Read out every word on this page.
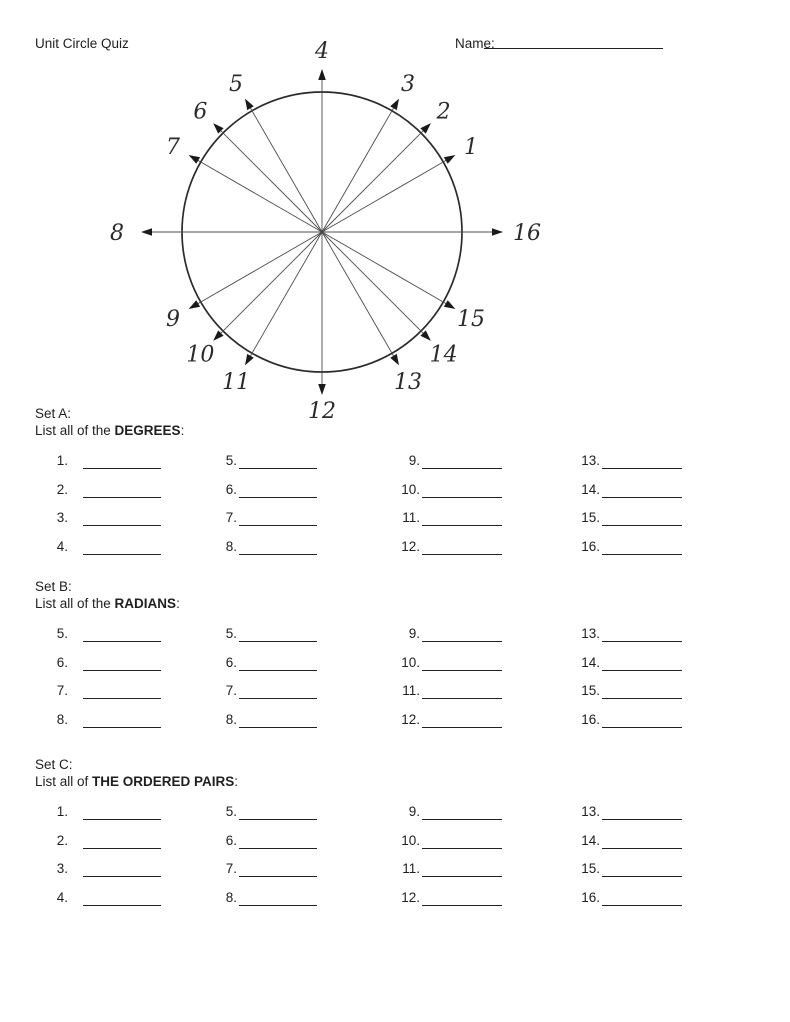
Unit Circle Quiz	Name:
1
2
3
4
5
6
7
8
9
10
11
12
13
14
15
16
Set A:
List all of the DEGREES:
1.	5.	9.	13.
2.	6.	10.	14.
3.	7.	11.	15.
4.	8.	12.	16.
Set B:
List all of the RADIANS:
5.	5.	9.	13.
6.	6.	10.	14.
7.	7.	11.	15.
8.	8.	12.	16.
Set C:
List all of THE ORDERED PAIRS:
1.	5.	9.	13.
2.	6.	10.	14.
3.	7.	11.	15.
4.	8.	12.	16.
